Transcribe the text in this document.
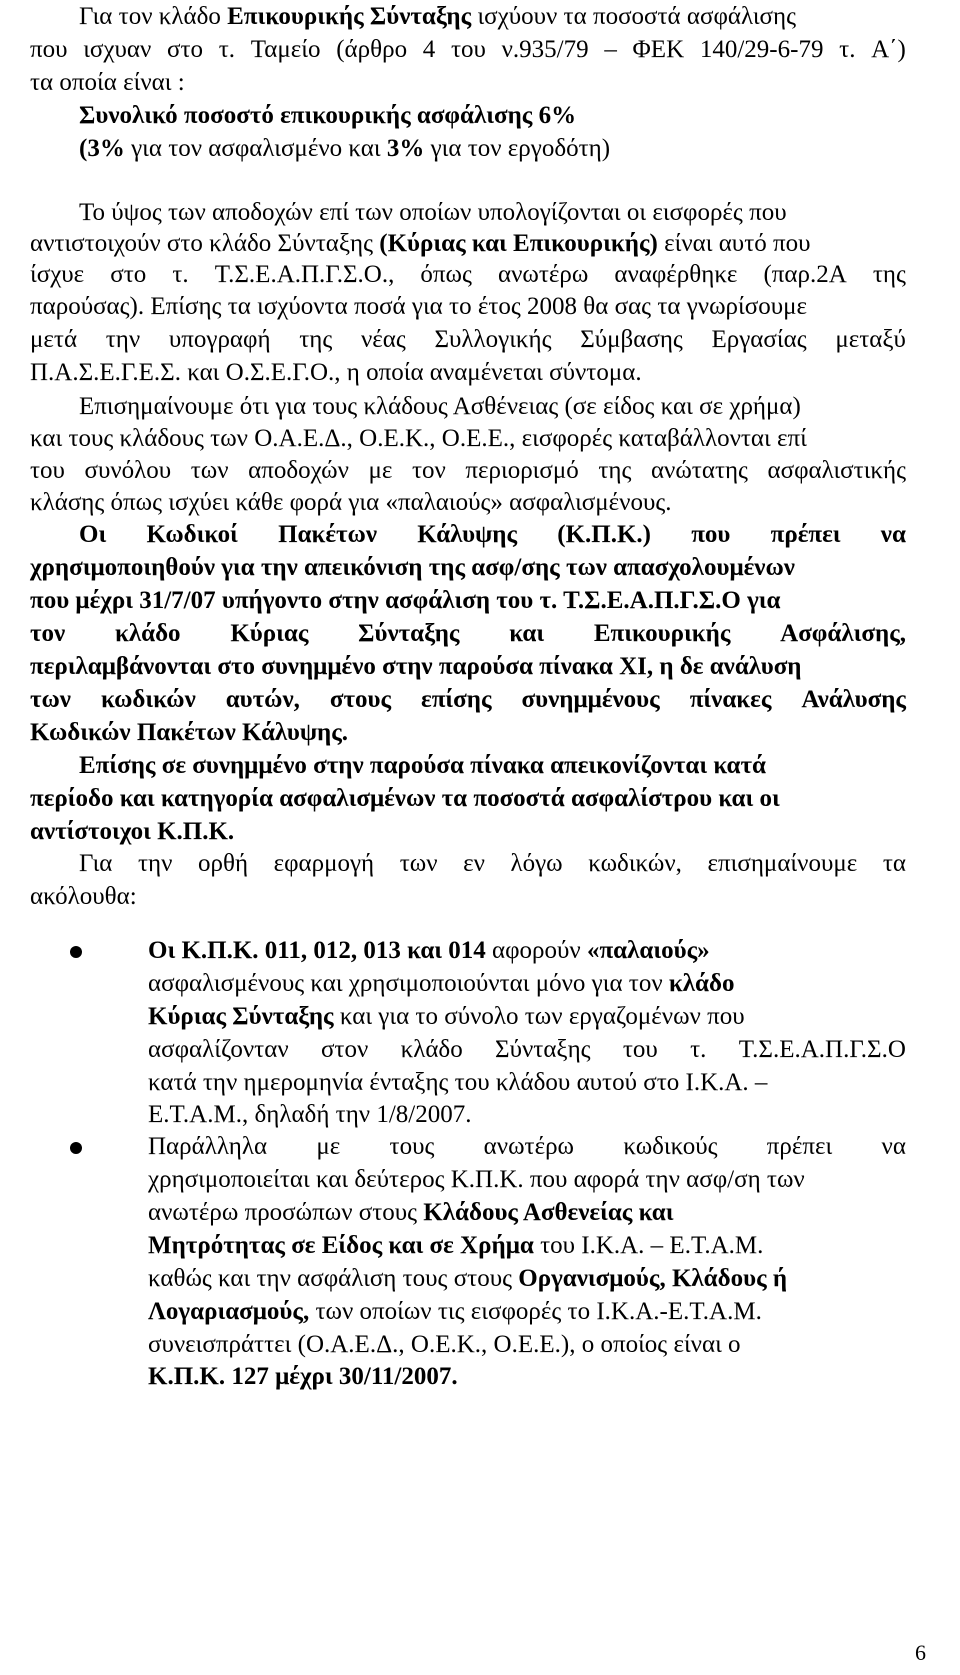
Για τον κλάδο Επικουρικής Σύνταξης ισχύουν τα ποσοστά ασφάλισης
που ισχυαν στο τ. Ταμείο (άρθρο 4 του ν.935/79 – ΦΕΚ 140/29-6-79 τ. Α΄)
τα οποία είναι :
Συνολικό ποσοστό επικουρικής ασφάλισης 6%
(3% για τον ασφαλισμένο και 3% για τον εργοδότη)
Το ύψος των αποδοχών επί των οποίων υπολογίζονται οι εισφορές που
αντιστοιχούν στο κλάδο Σύνταξης (Κύριας και Επικουρικής) είναι αυτό που
ίσχυε στο τ. Τ.Σ.Ε.Α.Π.Γ.Σ.Ο., όπως ανωτέρω αναφέρθηκε (παρ.2Α της
παρούσας). Επίσης τα ισχύοντα ποσά για το έτος 2008 θα σας τα γνωρίσουμε
μετά την υπογραφή της νέας Συλλογικής Σύμβασης Εργασίας μεταξύ
Π.Α.Σ.Ε.Γ.Ε.Σ. και Ο.Σ.Ε.Γ.Ο., η οποία αναμένεται σύντομα.
Επισημαίνουμε ότι για τους κλάδους Ασθένειας (σε είδος και σε χρήμα)
και τους κλάδους των Ο.Α.Ε.Δ., Ο.Ε.Κ., Ο.Ε.Ε., εισφορές καταβάλλονται επί
του συνόλου των αποδοχών με τον περιορισμό της ανώτατης ασφαλιστικής
κλάσης όπως ισχύει κάθε φορά για «παλαιούς» ασφαλισμένους.
Οι Κωδικοί Πακέτων Κάλυψης (Κ.Π.Κ.) που πρέπει να
χρησιμοποιηθούν για την απεικόνιση της ασφ/σης των απασχολουμένων
που μέχρι 31/7/07 υπήγοντο στην ασφάλιση του τ. Τ.Σ.Ε.Α.Π.Γ.Σ.Ο για
τον κλάδο Κύριας Σύνταξης και Επικουρικής Ασφάλισης,
περιλαμβάνονται στο συνημμένο στην παρούσα πίνακα ΧΙ, η δε ανάλυση
των κωδικών αυτών, στους επίσης συνημμένους πίνακες Ανάλυσης
Κωδικών Πακέτων Κάλυψης.
Επίσης σε συνημμένο στην παρούσα πίνακα απεικονίζονται κατά
περίοδο και κατηγορία ασφαλισμένων τα ποσοστά ασφαλίστρου και οι
αντίστοιχοι Κ.Π.Κ.
Για την ορθή εφαρμογή των εν λόγω κωδικών, επισημαίνουμε τα
ακόλουθα:
Οι Κ.Π.Κ. 011, 012, 013 και 014 αφορούν «παλαιούς»
ασφαλισμένους και χρησιμοποιούνται μόνο για τον κλάδο
Κύριας Σύνταξης και για το σύνολο των εργαζομένων που
ασφαλίζονταν στον κλάδο Σύνταξης του τ. Τ.Σ.Ε.Α.Π.Γ.Σ.Ο
κατά την ημερομηνία ένταξης του κλάδου αυτού στο Ι.Κ.Α. –
Ε.Τ.Α.Μ., δηλαδή την 1/8/2007.
Παράλληλα με τους ανωτέρω κωδικούς πρέπει να
χρησιμοποιείται και δεύτερος Κ.Π.Κ. που αφορά την ασφ/ση των
ανωτέρω προσώπων στους Κλάδους Ασθενείας και
Μητρότητας σε Είδος και σε Χρήμα του Ι.Κ.Α. – Ε.Τ.Α.Μ.
καθώς και την ασφάλιση τους στους Οργανισμούς, Κλάδους ή
Λογαριασμούς, των οποίων τις εισφορές το Ι.Κ.Α.-Ε.Τ.Α.Μ.
συνεισπράττει (Ο.Α.Ε.Δ., Ο.Ε.Κ., Ο.Ε.Ε.), ο οποίος είναι ο
Κ.Π.Κ. 127 μέχρι 30/11/2007.
6
